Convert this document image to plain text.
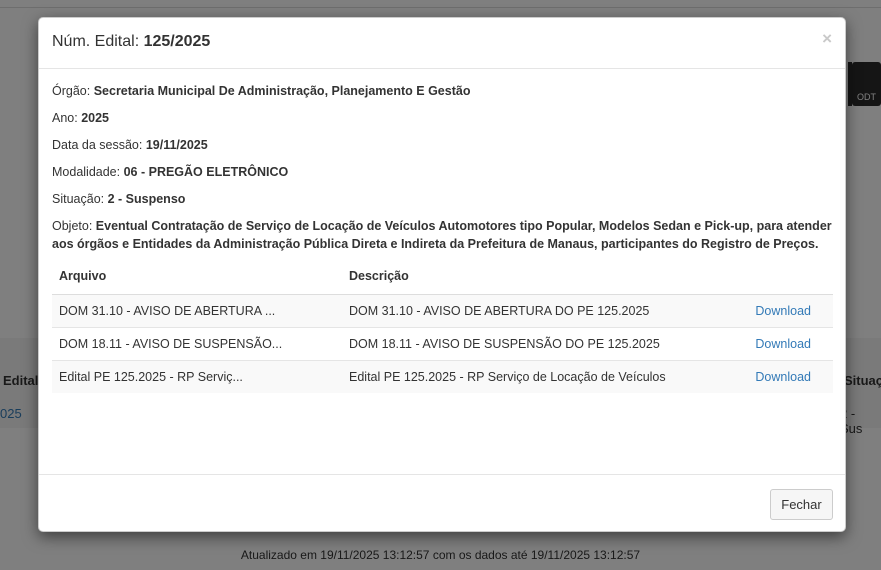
Núm. Edital: 125/2025	×
Órgão: Secretaria Municipal De Administração, Planejamento E Gestão
Ano: 2025
Data da sessão: 19/11/2025
Modalidade: 06 - PREGÃO ELETRÔNICO
Situação: 2 - Suspenso
Objeto: Eventual Contratação de Serviço de Locação de Veículos Automotores tipo Popular, Modelos Sedan e Pick-up, para atender aos órgãos e Entidades da Administração Pública Direta e Indireta da Prefeitura de Manaus, participantes do Registro de Preços.
Arquivo	Descrição	
DOM 31.10 - AVISO DE ABERTURA ...	DOM 31.10 - AVISO DE ABERTURA DO PE 125.2025	Download
DOM 18.11 - AVISO DE SUSPENSÃO...	DOM 18.11 - AVISO DE SUSPENSÃO DO PE 125.2025	Download
Edital PE 125.2025 - RP Serviç...	Edital PE 125.2025 - RP Serviço de Locação de Veículos	Download
Fechar
